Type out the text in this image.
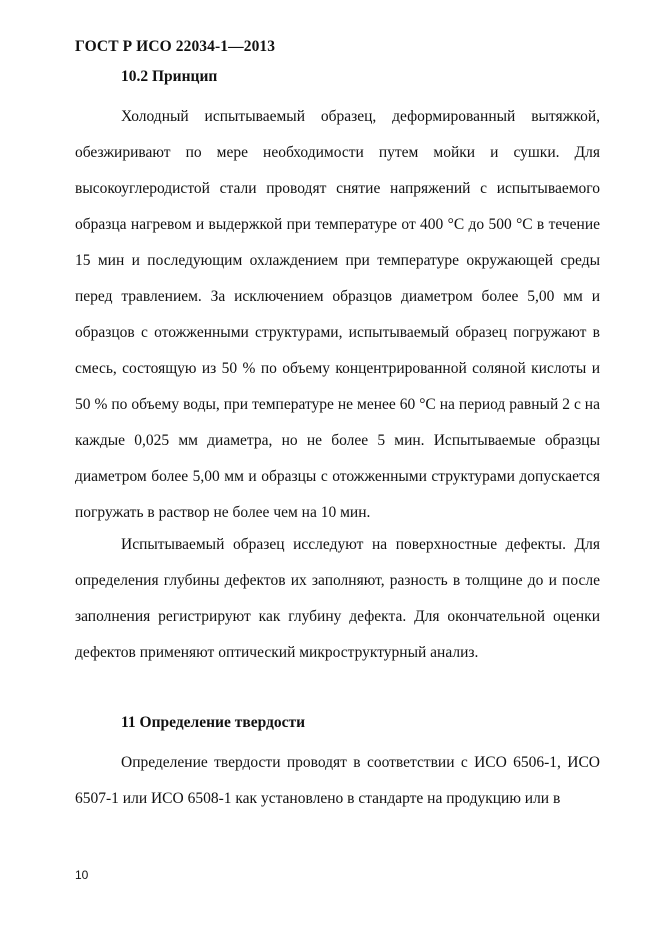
ГОСТ Р ИСО 22034-1—2013
10.2 Принцип

Холодный испытываемый образец, деформированный вытяжкой, обезжиривают по мере необходимости путем мойки и сушки. Для высокоуглеродистой стали проводят снятие напряжений с испытываемого образца нагревом и выдержкой при температуре от 400 °С до 500 °С в течение 15 мин и последующим охлаждением при температуре окружающей среды перед травлением. За исключением образцов диаметром более 5,00 мм и образцов с отожженными структурами, испытываемый образец погружают в смесь, состоящую из 50 % по объему концентрированной соляной кислоты и 50 % по объему воды, при температуре не менее 60 °С на период равный 2 с на каждые 0,025 мм диаметра, но не более 5 мин. Испытываемые образцы диаметром более 5,00 мм и образцы с отожженными структурами допускается погружать в раствор не более чем на 10 мин.

Испытываемый образец исследуют на поверхностные дефекты. Для определения глубины дефектов их заполняют, разность в толщине до и после заполнения регистрируют как глубину дефекта. Для окончательной оценки дефектов применяют оптический микроструктурный анализ.

11 Определение твердости

Определение твердости проводят в соответствии с ИСО 6506-1, ИСО 6507-1 или ИСО 6508-1 как установлено в стандарте на продукцию или в

10
